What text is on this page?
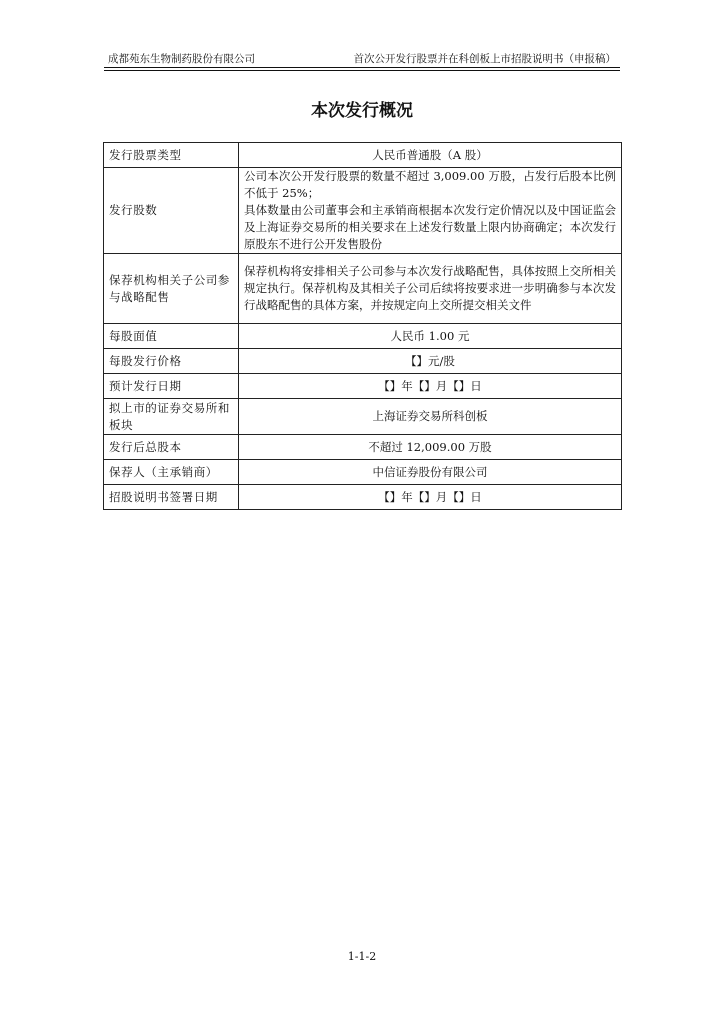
成都苑东生物制药股份有限公司	首次公开发行股票并在科创板上市招股说明书（申报稿）
本次发行概况
发行股票类型	人民币普通股（A 股）
发行股数	公司本次公开发行股票的数量不超过 3,009.00 万股，占发行后股本比例不低于 25%；
具体数量由公司董事会和主承销商根据本次发行定价情况以及中国证监会及上海证券交易所的相关要求在上述发行数量上限内协商确定；本次发行原股东不进行公开发售股份

保荐机构相关子公司参与战略配售	保荐机构将安排相关子公司参与本次发行战略配售，具体按照上交所相关规定执行。保荐机构及其相关子公司后续将按要求进一步明确参与本次发行战略配售的具体方案，并按规定向上交所提交相关文件
每股面值	人民币 1.00 元
每股发行价格	【】元/股
预计发行日期	【】年【】月【】日
拟上市的证券交易所和板块	上海证券交易所科创板
发行后总股本	不超过 12,009.00 万股
保荐人（主承销商）	中信证券股份有限公司
招股说明书签署日期	【】年【】月【】日
1-1-2
